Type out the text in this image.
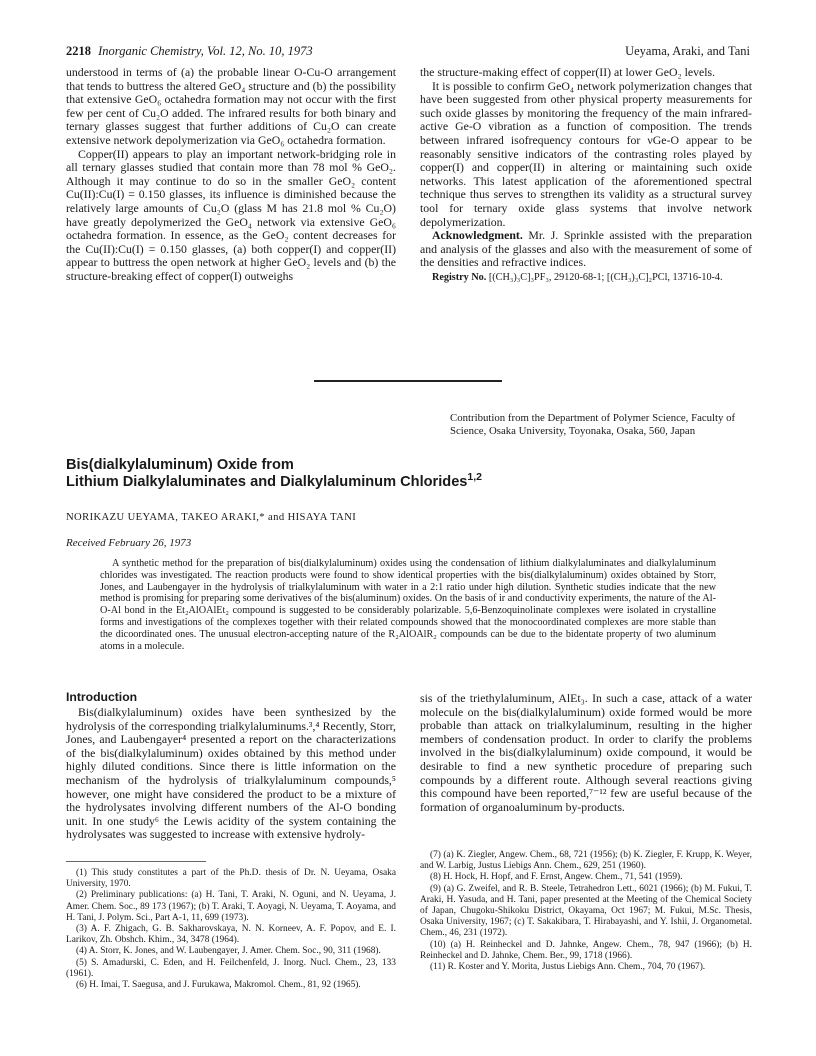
2218 Inorganic Chemistry, Vol. 12, No. 10, 1973	Ueyama, Araki, and Tani

understood in terms of (a) the probable linear O-Cu-O arrangement that tends to buttress the altered GeO₄ structure and (b) the possibility that extensive GeO₆ octahedra formation may not occur with the first few per cent of Cu₂O added. The infrared results for both binary and ternary glasses suggest that further additions of Cu₂O can create extensive network depolymerization via GeO₆ octahedra formation.

Copper(II) appears to play an important network-bridging role in all ternary glasses studied that contain more than 78 mol % GeO₂. Although it may continue to do so in the smaller GeO₂ content Cu(II):Cu(I) = 0.150 glasses, its influence is diminished because the relatively large amounts of Cu₂O (glass M has 21.8 mol % Cu₂O) have greatly depolymerized the GeO₄ network via extensive GeO₆ octahedra formation. In essence, as the GeO₂ content decreases for the Cu(II):Cu(I) = 0.150 glasses, (a) both copper(I) and copper(II) appear to buttress the open network at higher GeO₂ levels and (b) the structure-breaking effect of copper(I) outweighs

the structure-making effect of copper(II) at lower GeO₂ levels.

It is possible to confirm GeO₄ network polymerization changes that have been suggested from other physical property measurements for such oxide glasses by monitoring the frequency of the main infrared-active Ge-O vibration as a function of composition. The trends between infrared isofrequency contours for νGe-O appear to be reasonably sensitive indicators of the contrasting roles played by copper(I) and copper(II) in altering or maintaining such oxide networks. This latest application of the aforementioned spectral technique thus serves to strengthen its validity as a structural survey tool for ternary oxide glass systems that involve network depolymerization.

Acknowledgment. Mr. J. Sprinkle assisted with the preparation and analysis of the glasses and also with the measurement of some of the densities and refractive indices.

Registry No. [(CH₃)₃C]₃PF₃, 29120-68-1; [(CH₃)₃C]₂PCl, 13716-10-4.

Contribution from the Department of Polymer Science, Faculty of Science, Osaka University, Toyonaka, Osaka, 560, Japan
Bis(dialkylaluminum) Oxide from
Lithium Dialkylaluminates and Dialkylaluminum Chlorides$^{1,2}$
NORIKAZU UEYAMA, TAKEO ARAKI,* and HISAYA TANI
Received February 26, 1973
A synthetic method for the preparation of bis(dialkylaluminum) oxides using the condensation of lithium dialkylaluminates and dialkylaluminum chlorides was investigated. The reaction products were found to show identical properties with the bis(dialkylaluminum) oxides obtained by Storr, Jones, and Laubengayer in the hydrolysis of trialkylaluminum with water in a 2:1 ratio under high dilution. Synthetic studies indicate that the new method is promising for preparing some derivatives of the bis(aluminum) oxides. On the basis of ir and conductivity experiments, the nature of the Al-O-Al bond in the Et₂AlOAlEt₂ compound is suggested to be considerably polarizable. 5,6-Benzoquinolinate complexes were isolated in crystalline forms and investigations of the complexes together with their related compounds showed that the monocoordinated complexes are more stable than the dicoordinated ones. The unusual electron-accepting nature of the R₂AlOAlR₂ compounds can be due to the bidentate property of two aluminum atoms in a molecule.
Introduction
Bis(dialkylaluminum) oxides have been synthesized by the hydrolysis of the corresponding trialkylaluminums.³,⁴ Recently, Storr, Jones, and Laubengayer⁴ presented a report on the characterizations of the bis(dialkylaluminum) oxides obtained by this method under highly diluted conditions. Since there is little information on the mechanism of the hydrolysis of trialkylaluminum compounds,⁵ however, one might have considered the product to be a mixture of the hydrolysates involving different numbers of the Al-O bonding unit. In one study⁶ the Lewis acidity of the system containing the hydrolysates was suggested to increase with extensive hydroly-
sis of the triethylaluminum, AlEt₃. In such a case, attack of a water molecule on the bis(dialkylaluminum) oxide formed would be more probable than attack on trialkylaluminum, resulting in the higher members of condensation product. In order to clarify the problems involved in the bis(dialkylaluminum) oxide compound, it would be desirable to find a new synthetic procedure of preparing such compounds by a different route. Although several reactions giving this compound have been reported,⁷⁻¹² few are useful because of the formation of organoaluminum by-products.

(1) This study constitutes a part of the Ph.D. thesis of Dr. N. Ueyama, Osaka University, 1970.

(2) Preliminary publications: (a) H. Tani, T. Araki, N. Oguni, and N. Ueyama, J. Amer. Chem. Soc., 89 173 (1967); (b) T. Araki, T. Aoyagi, N. Ueyama, T. Aoyama, and H. Tani, J. Polym. Sci., Part A-1, 11, 699 (1973).

(3) A. F. Zhigach, G. B. Sakharovskaya, N. N. Korneev, A. F. Popov, and E. I. Larikov, Zh. Obshch. Khim., 34, 3478 (1964).

(4) A. Storr, K. Jones, and W. Laubengayer, J. Amer. Chem. Soc., 90, 311 (1968).

(5) S. Amadurski, C. Eden, and H. Feilchenfeld, J. Inorg. Nucl. Chem., 23, 133 (1961).

(6) H. Imai, T. Saegusa, and J. Furukawa, Makromol. Chem., 81, 92 (1965).

(7) (a) K. Ziegler, Angew. Chem., 68, 721 (1956); (b) K. Ziegler, F. Krupp, K. Weyer, and W. Larbig, Justus Liebigs Ann. Chem., 629, 251 (1960).

(8) H. Hock, H. Hopf, and F. Ernst, Angew. Chem., 71, 541 (1959).

(9) (a) G. Zweifel, and R. B. Steele, Tetrahedron Lett., 6021 (1966); (b) M. Fukui, T. Araki, H. Yasuda, and H. Tani, paper presented at the Meeting of the Chemical Society of Japan, Chugoku-Shikoku District, Okayama, Oct 1967; M. Fukui, M.Sc. Thesis, Osaka University, 1967; (c) T. Sakakibara, T. Hirabayashi, and Y. Ishii, J. Organometal. Chem., 46, 231 (1972).

(10) (a) H. Reinheckel and D. Jahnke, Angew. Chem., 78, 947 (1966); (b) H. Reinheckel and D. Jahnke, Chem. Ber., 99, 1718 (1966).

(11) R. Koster and Y. Morita, Justus Liebigs Ann. Chem., 704, 70 (1967).
